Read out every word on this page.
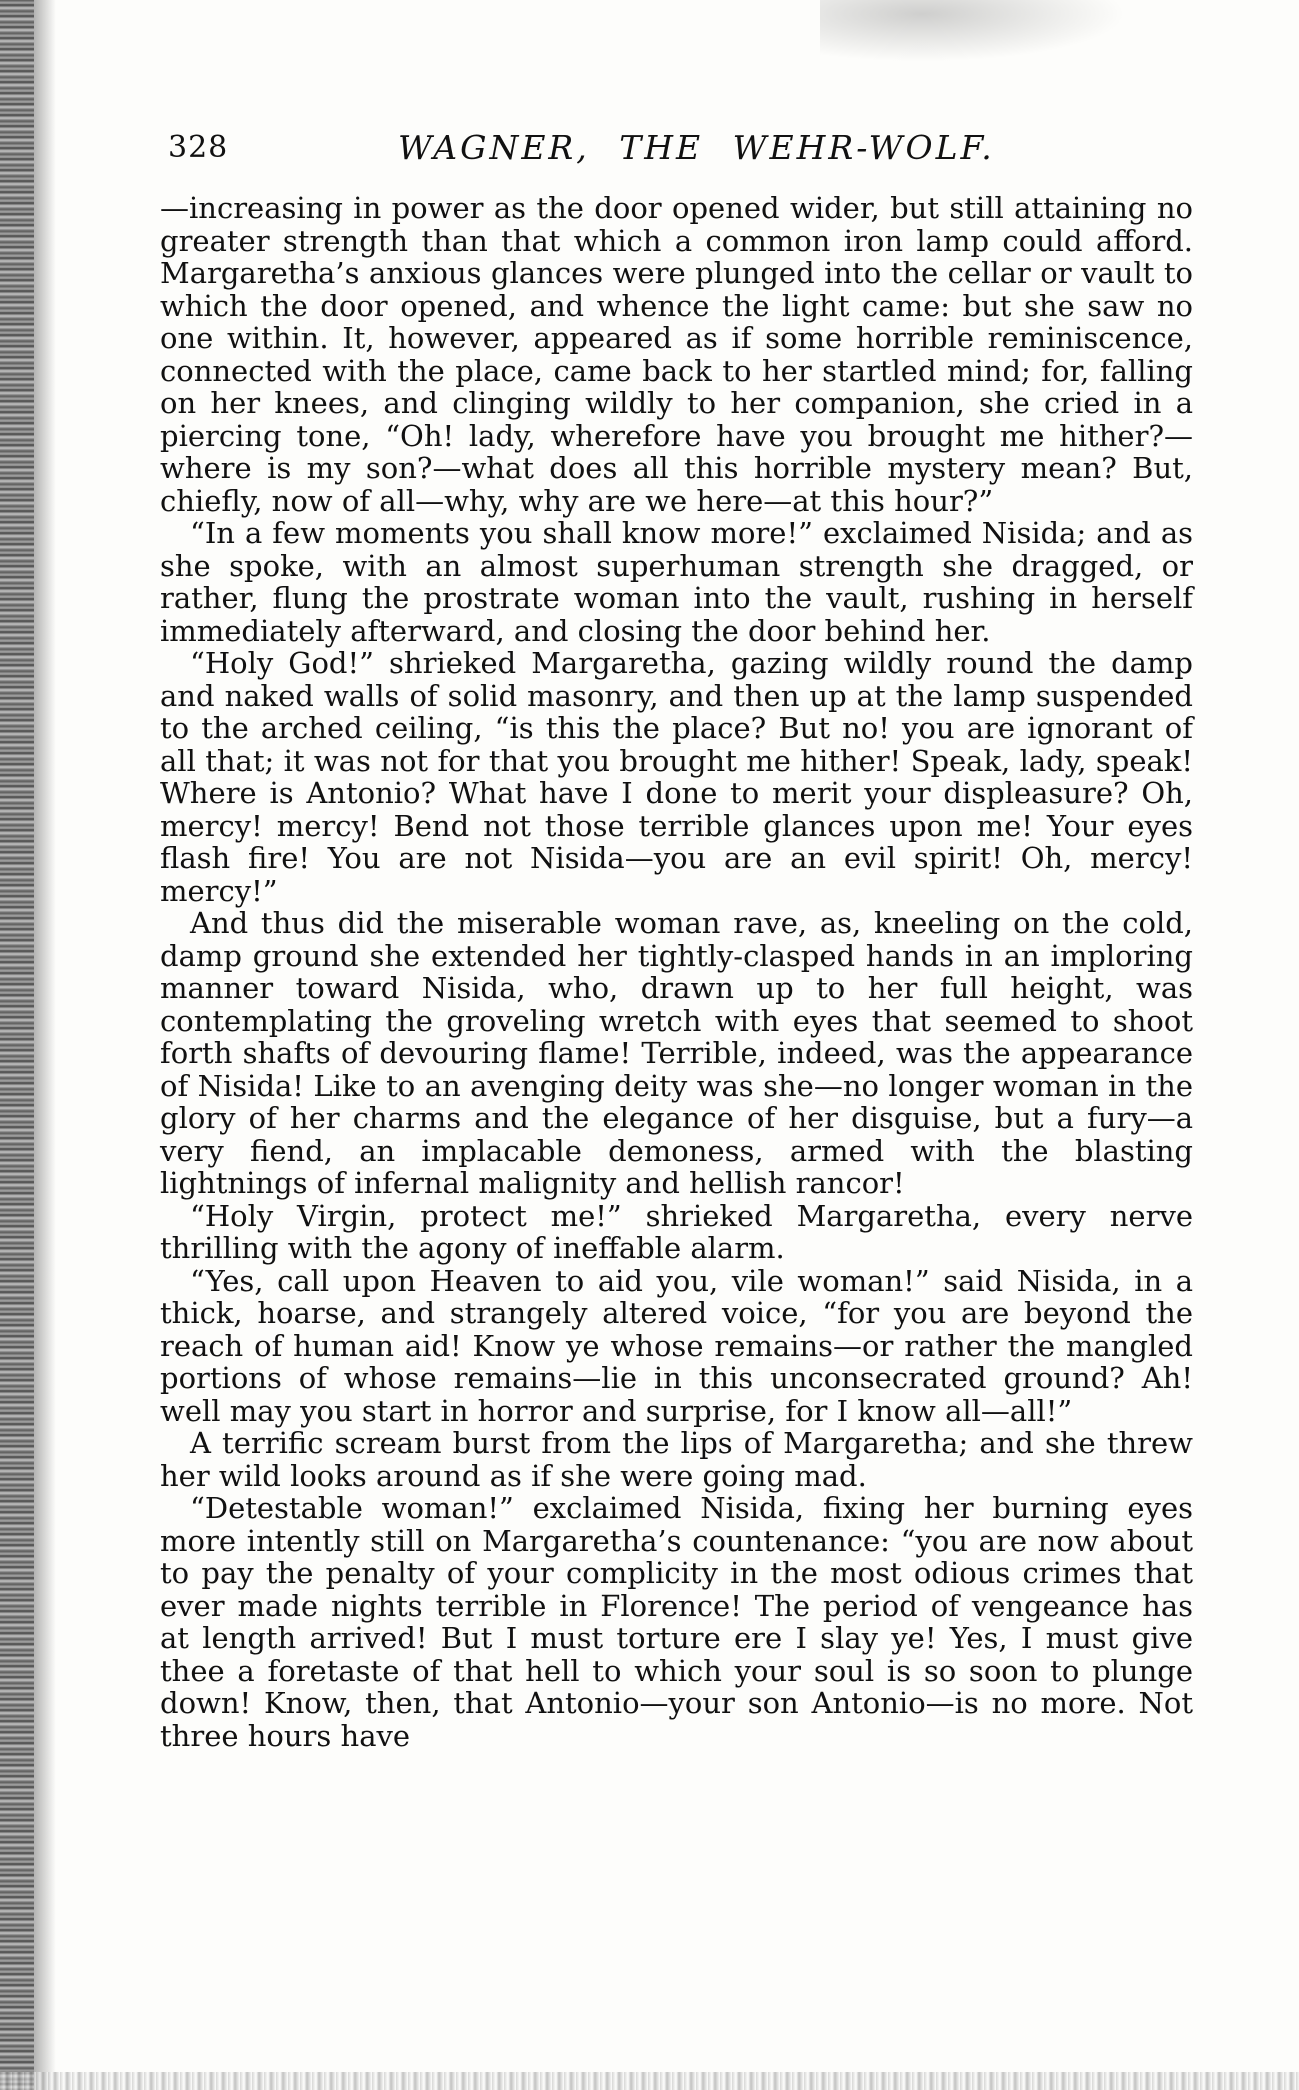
328	WAGNER, THE WEHR-WOLF.

—increasing in power as the door opened wider, but still attaining no greater strength than that which a common iron lamp could afford. Margaretha’s anxious glances were plunged into the cellar or vault to which the door opened, and whence the light came: but she saw no one within. It, however, appeared as if some horrible reminiscence, connected with the place, came back to her startled mind; for, falling on her knees, and clinging wildly to her companion, she cried in a piercing tone, “Oh! lady, wherefore have you brought me hither?—where is my son?—what does all this horrible mystery mean? But, chiefly, now of all—why, why are we here—at this hour?”

“In a few moments you shall know more!” exclaimed Nisida; and as she spoke, with an almost superhuman strength she dragged, or rather, flung the prostrate woman into the vault, rushing in herself immediately afterward, and closing the door behind her.

“Holy God!” shrieked Margaretha, gazing wildly round the damp and naked walls of solid masonry, and then up at the lamp suspended to the arched ceiling, “is this the place? But no! you are ignorant of all that; it was not for that you brought me hither! Speak, lady, speak! Where is Antonio? What have I done to merit your displeasure? Oh, mercy! mercy! Bend not those terrible glances upon me! Your eyes flash fire! You are not Nisida—you are an evil spirit! Oh, mercy! mercy!”

And thus did the miserable woman rave, as, kneeling on the cold, damp ground she extended her tightly-clasped hands in an imploring manner toward Nisida, who, drawn up to her full height, was contemplating the groveling wretch with eyes that seemed to shoot forth shafts of devouring flame! Terrible, indeed, was the appearance of Nisida! Like to an avenging deity was she—no longer woman in the glory of her charms and the elegance of her disguise, but a fury—a very fiend, an implacable demoness, armed with the blasting lightnings of infernal malignity and hellish rancor!

“Holy Virgin, protect me!” shrieked Margaretha, every nerve thrilling with the agony of ineffable alarm.

“Yes, call upon Heaven to aid you, vile woman!” said Nisida, in a thick, hoarse, and strangely altered voice, “for you are beyond the reach of human aid! Know ye whose remains—or rather the mangled portions of whose remains—lie in this unconsecrated ground? Ah! well may you start in horror and surprise, for I know all—all!”

A terrific scream burst from the lips of Margaretha; and she threw her wild looks around as if she were going mad.

“Detestable woman!” exclaimed Nisida, fixing her burning eyes more intently still on Margaretha’s countenance: “you are now about to pay the penalty of your complicity in the most odious crimes that ever made nights terrible in Florence! The period of vengeance has at length arrived! But I must torture ere I slay ye! Yes, I must give thee a foretaste of that hell to which your soul is so soon to plunge down! Know, then, that Antonio—your son Antonio—is no more. Not three hours have
